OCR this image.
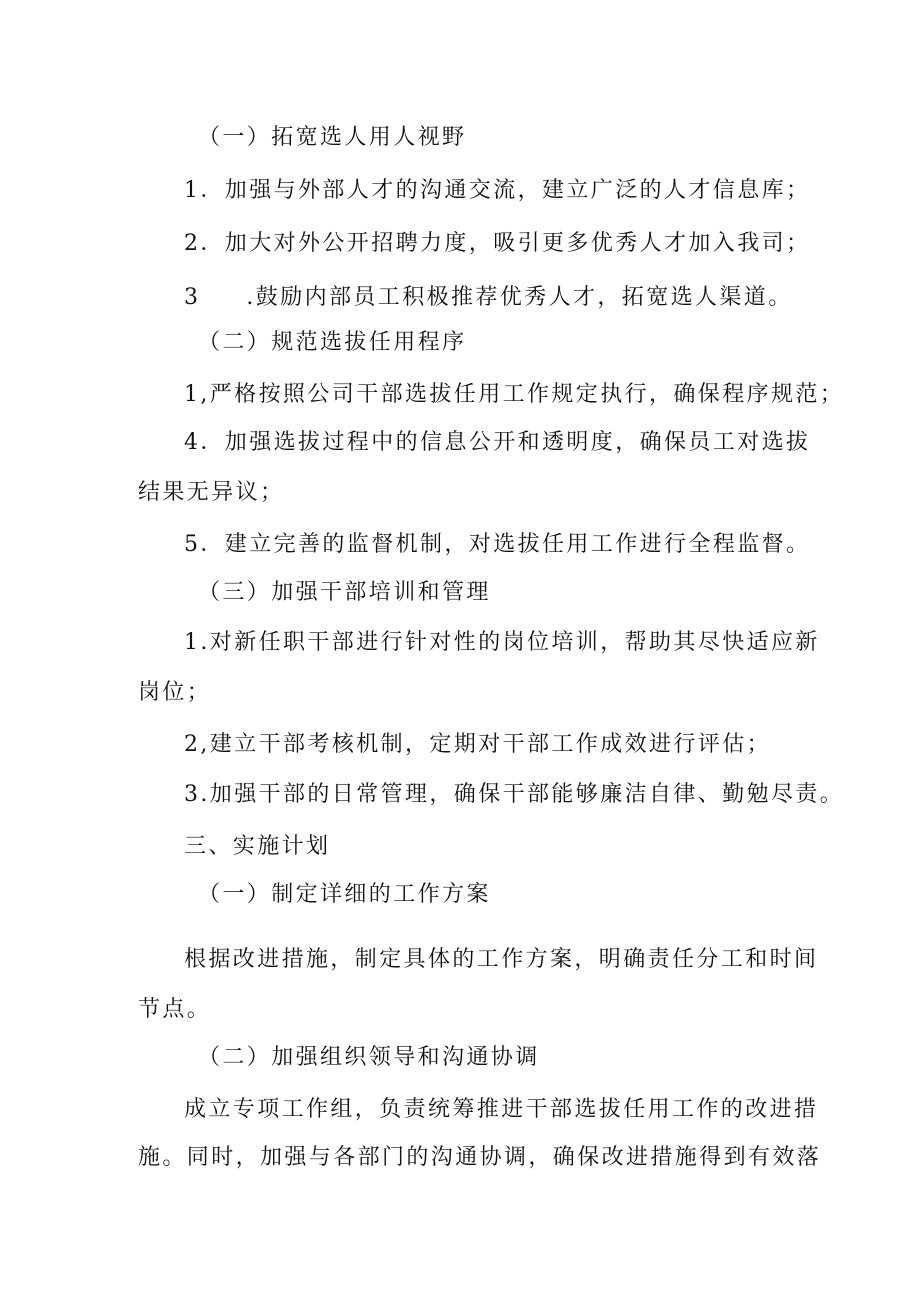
（一）拓宽选人用人视野
1．加强与外部人才的沟通交流，建立广泛的人才信息库；
2．加大对外公开招聘力度，吸引更多优秀人才加入我司；
3 .鼓励内部员工积极推荐优秀人才，拓宽选人渠道。
（二）规范选拔任用程序
1,严格按照公司干部选拔任用工作规定执行，确保程序规范；
4．加强选拔过程中的信息公开和透明度，确保员工对选拔
结果无异议；
5．建立完善的监督机制，对选拔任用工作进行全程监督。
（三）加强干部培训和管理
1.对新任职干部进行针对性的岗位培训，帮助其尽快适应新
岗位；
2,建立干部考核机制，定期对干部工作成效进行评估；
3.加强干部的日常管理，确保干部能够廉洁自律、勤勉尽责。
三、实施计划
（一）制定详细的工作方案
根据改进措施，制定具体的工作方案，明确责任分工和时间
节点。
（二）加强组织领导和沟通协调
成立专项工作组，负责统筹推进干部选拔任用工作的改进措
施。同时，加强与各部门的沟通协调，确保改进措施得到有效落
